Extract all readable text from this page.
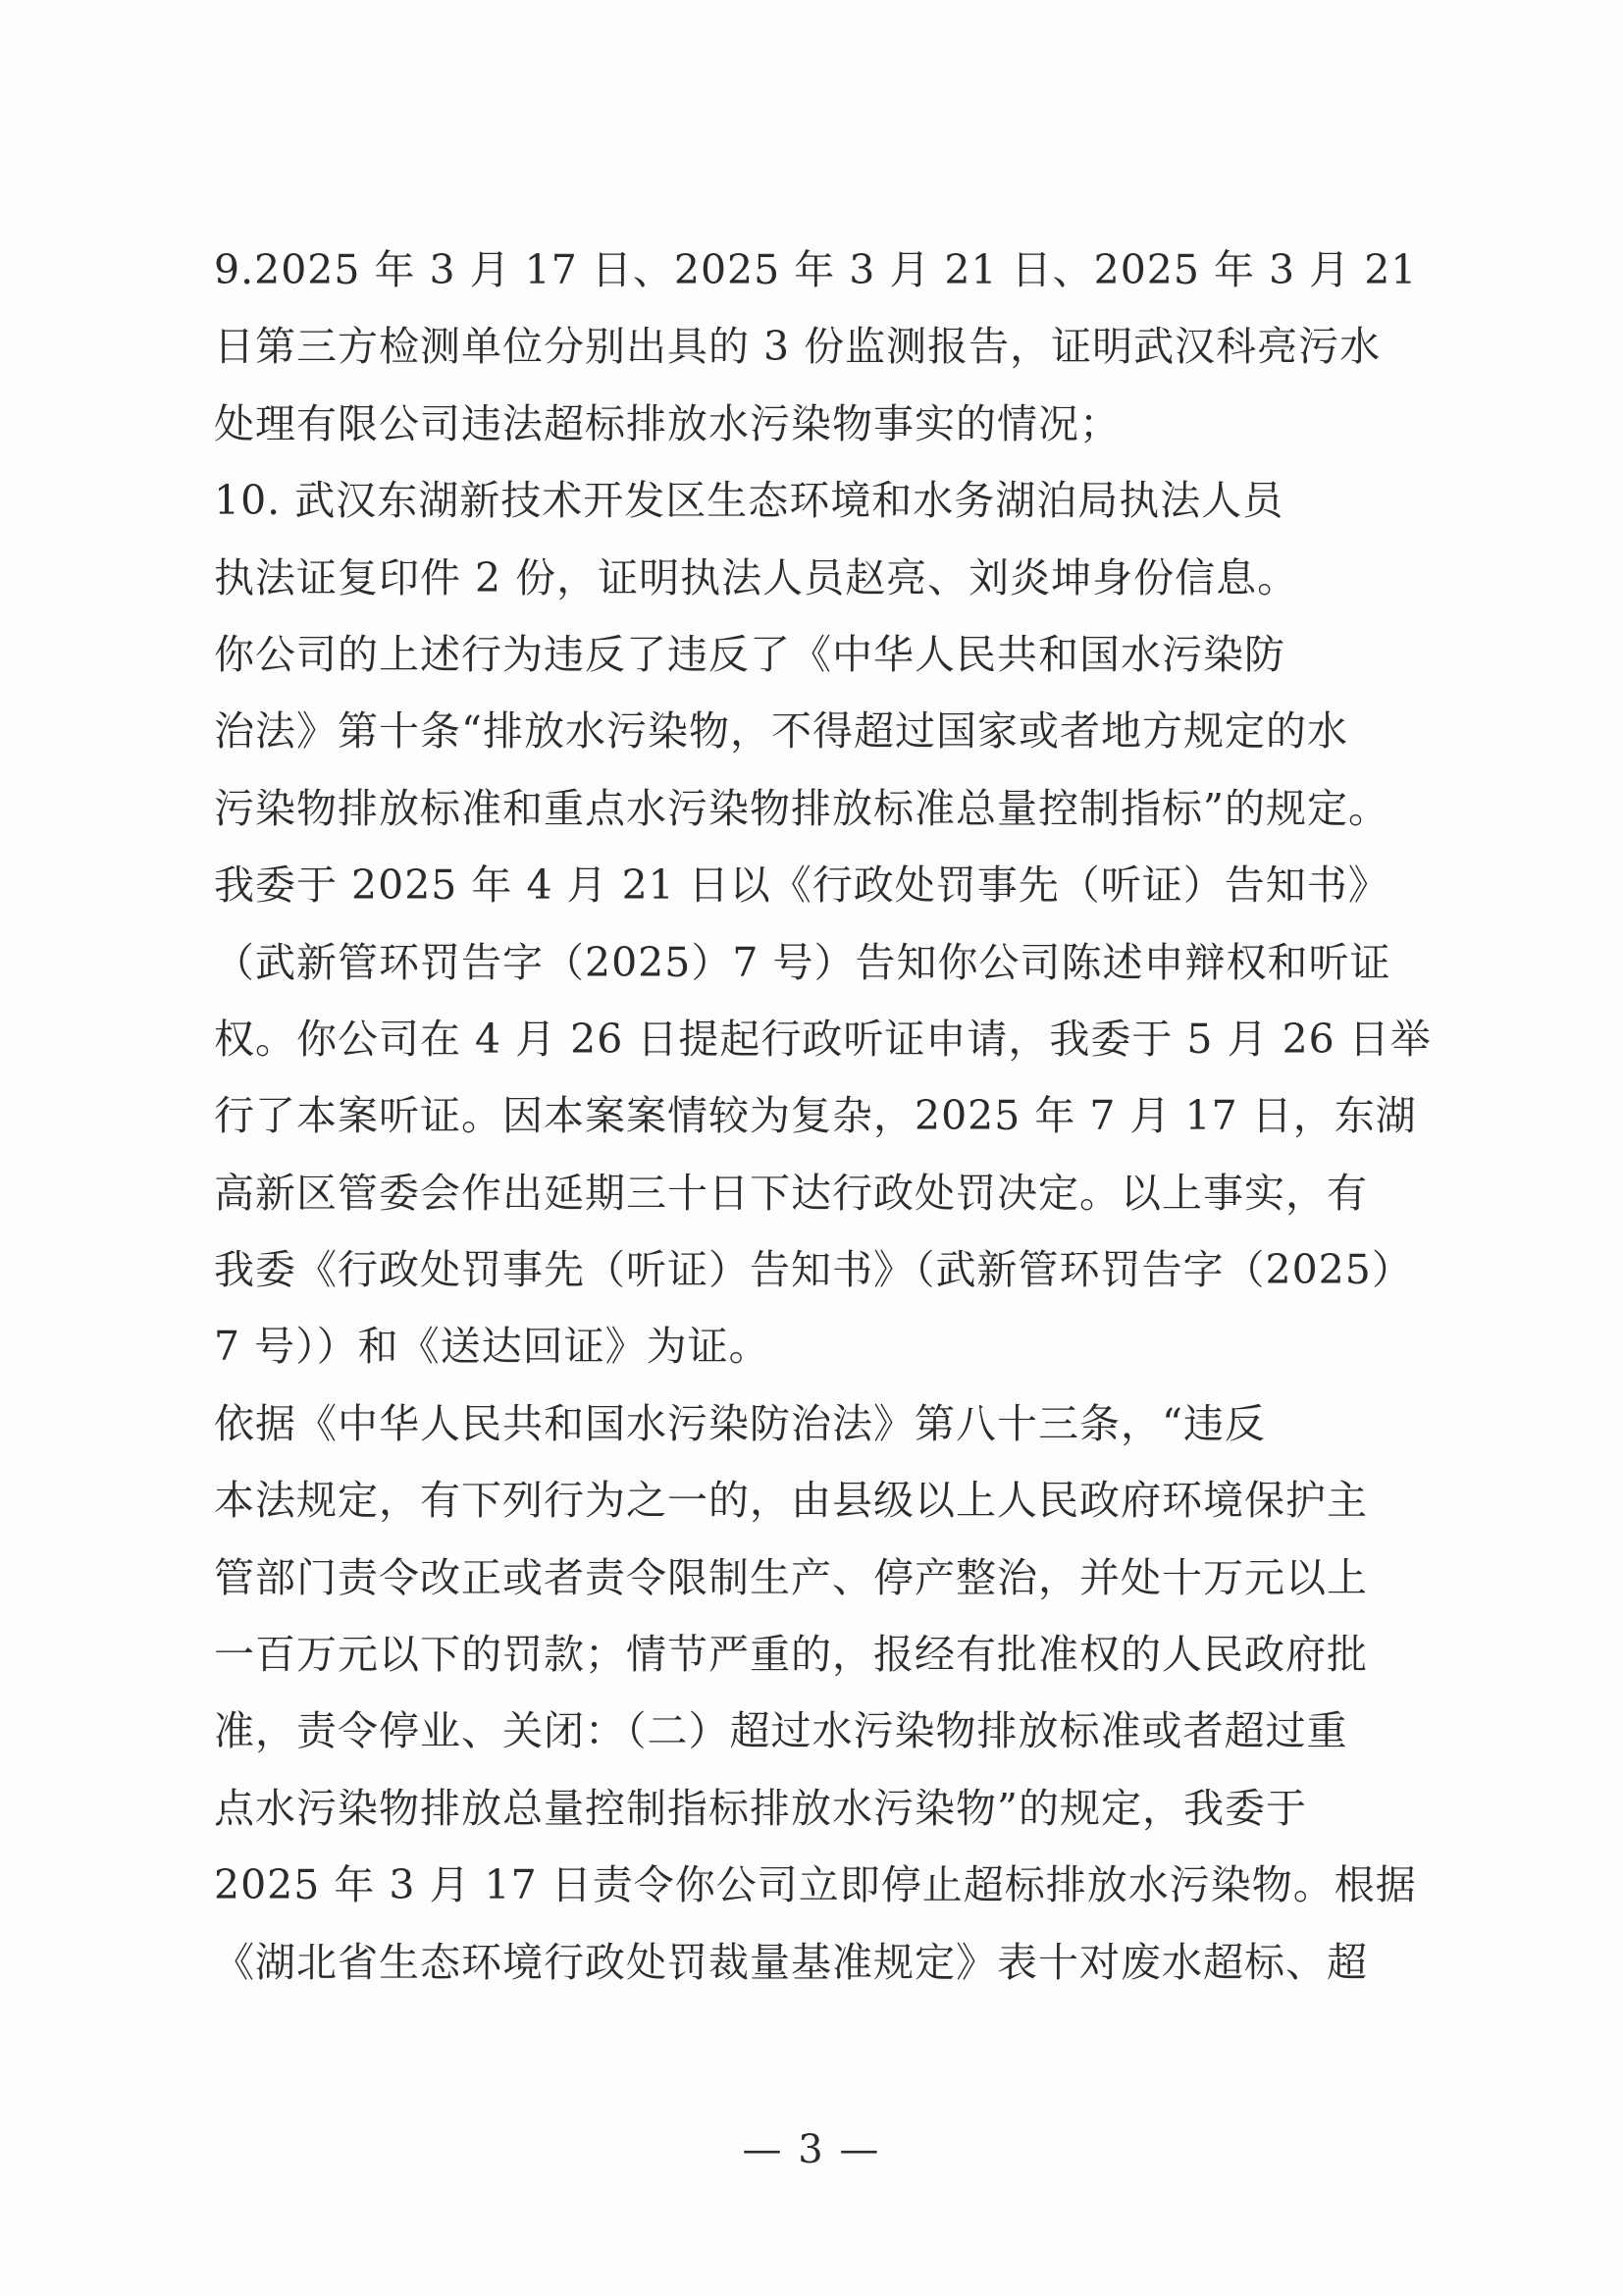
9.2025 年 3 月 17 日、2025 年 3 月 21 日、2025 年 3 月 21
日第三方检测单位分别出具的 3 份监测报告，证明武汉科亮污水
处理有限公司违法超标排放水污染物事实的情况；
10. 武汉东湖新技术开发区生态环境和水务湖泊局执法人员
执法证复印件 2 份，证明执法人员赵亮、刘炎坤身份信息。
你公司的上述行为违反了违反了《中华人民共和国水污染防
治法》第十条“排放水污染物，不得超过国家或者地方规定的水
污染物排放标准和重点水污染物排放标准总量控制指标”的规定。
我委于 2025 年 4 月 21 日以《行政处罚事先（听证）告知书》
（武新管环罚告字（2025）7 号）告知你公司陈述申辩权和听证
权。你公司在 4 月 26 日提起行政听证申请，我委于 5 月 26 日举
行了本案听证。因本案案情较为复杂，2025 年 7 月 17 日，东湖
高新区管委会作出延期三十日下达行政处罚决定。以上事实，有
我委《行政处罚事先（听证）告知书》（武新管环罚告字（2025）
7 号））和《送达回证》为证。
依据《中华人民共和国水污染防治法》第八十三条，“违反
本法规定，有下列行为之一的，由县级以上人民政府环境保护主
管部门责令改正或者责令限制生产、停产整治，并处十万元以上
一百万元以下的罚款；情节严重的，报经有批准权的人民政府批
准，责令停业、关闭：（二）超过水污染物排放标准或者超过重
点水污染物排放总量控制指标排放水污染物”的规定，我委于
2025 年 3 月 17 日责令你公司立即停止超标排放水污染物。根据
《湖北省生态环境行政处罚裁量基准规定》表十对废水超标、超
— 3 —
